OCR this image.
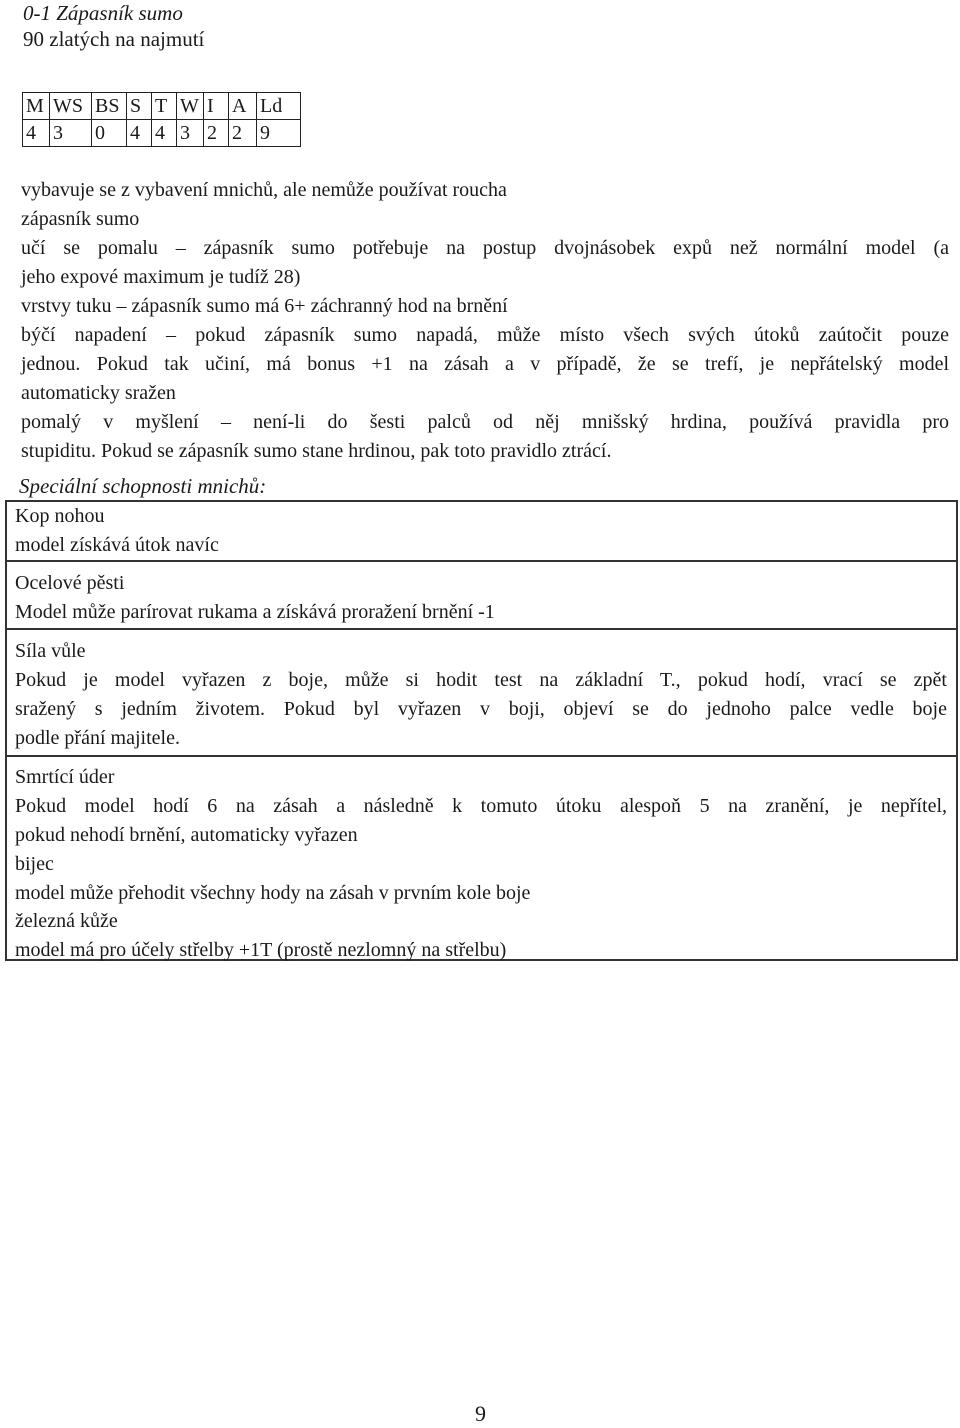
0-1 Zápasník sumo
90 zlatých na najmutí
M	WS	BS	S	T	W	I	A	Ld
4	3	0	4	4	3	2	2	9
vybavuje se z vybavení mnichů, ale nemůže používat roucha
zápasník sumo
učí se pomalu – zápasník sumo potřebuje na postup dvojnásobek expů než normální model (a
jeho expové maximum je tudíž 28)
vrstvy tuku – zápasník sumo má 6+ záchranný hod na brnění
býčí napadení – pokud zápasník sumo napadá, může místo všech svých útoků zaútočit pouze
jednou. Pokud tak učiní, má bonus +1 na zásah a v případě, že se trefí, je nepřátelský model
automaticky sražen
pomalý v myšlení – není-li do šesti palců od něj mnišský hrdina, používá pravidla pro
stupiditu. Pokud se zápasník sumo stane hrdinou, pak toto pravidlo ztrácí.
Speciální schopnosti mnichů:
Kop nohou
model získává útok navíc
Ocelové pěsti
Model může parírovat rukama a získává proražení brnění -1
Síla vůle
Pokud je model vyřazen z boje, může si hodit test na základní T., pokud hodí, vrací se zpět
sražený s jedním životem. Pokud byl vyřazen v boji, objeví se do jednoho palce vedle boje
podle přání majitele.
Smrtící úder
Pokud model hodí 6 na zásah a následně k tomuto útoku alespoň 5 na zranění, je nepřítel,
pokud nehodí brnění, automaticky vyřazen
bijec
model může přehodit všechny hody na zásah v prvním kole boje
železná kůže
model má pro účely střelby +1T (prostě nezlomný na střelbu)
9
